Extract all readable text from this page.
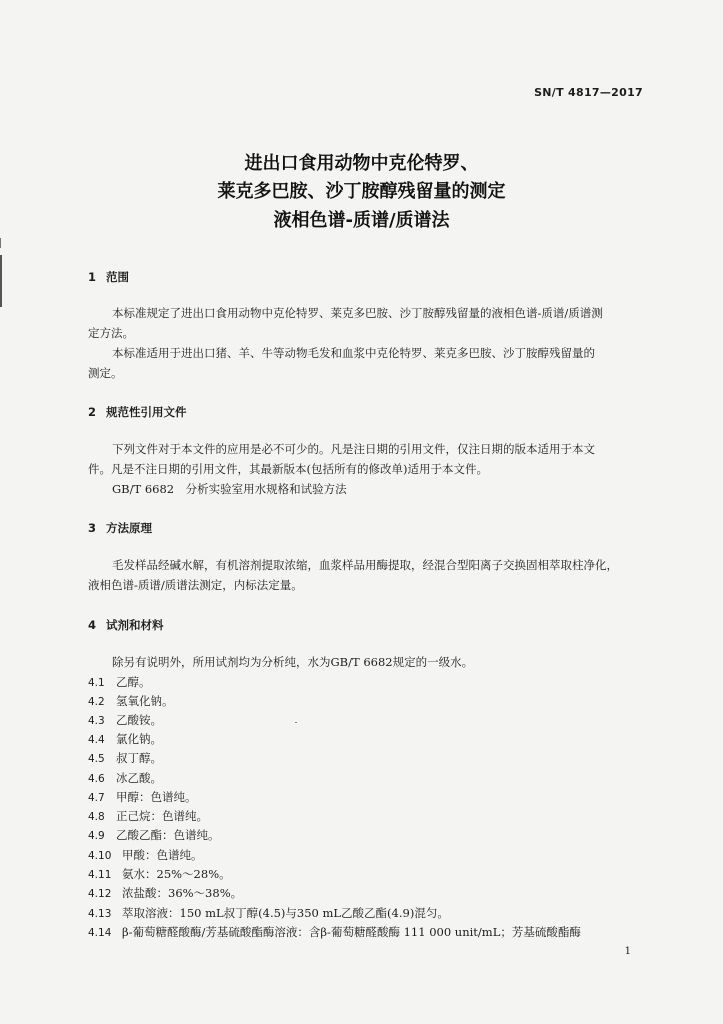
SN/T 4817—2017
进出口食用动物中克伦特罗、
莱克多巴胺、沙丁胺醇残留量的测定
液相色谱-质谱/质谱法
1 范围
本标准规定了进出口食用动物中克伦特罗、莱克多巴胺、沙丁胺醇残留量的液相色谱-质谱/质谱测
定方法。
本标准适用于进出口猪、羊、牛等动物毛发和血浆中克伦特罗、莱克多巴胺、沙丁胺醇残留量的
测定。
2 规范性引用文件
下列文件对于本文件的应用是必不可少的。凡是注日期的引用文件，仅注日期的版本适用于本文
件。凡是不注日期的引用文件，其最新版本(包括所有的修改单)适用于本文件。
GB/T 6682　分析实验室用水规格和试验方法
3 方法原理
毛发样品经碱水解，有机溶剂提取浓缩，血浆样品用酶提取，经混合型阳离子交换固相萃取柱净化，
液相色谱-质谱/质谱法测定，内标法定量。
4 试剂和材料
除另有说明外，所用试剂均为分析纯，水为GB/T 6682规定的一级水。
4.1 乙醇。
4.2 氢氧化钠。
4.3 乙酸铵。
4.4 氯化钠。
4.5 叔丁醇。
4.6 冰乙酸。
4.7 甲醇：色谱纯。
4.8 正己烷：色谱纯。
4.9 乙酸乙酯：色谱纯。
4.10 甲酸：色谱纯。
4.11 氨水：25%～28%。
4.12 浓盐酸：36%～38%。
4.13 萃取溶液：150 mL叔丁醇(4.5)与350 mL乙酸乙酯(4.9)混匀。
4.14 β-葡萄糖醛酸酶/芳基硫酸酯酶溶液：含β-葡萄糖醛酸酶 111 000 unit/mL；芳基硫酸酯酶
1
